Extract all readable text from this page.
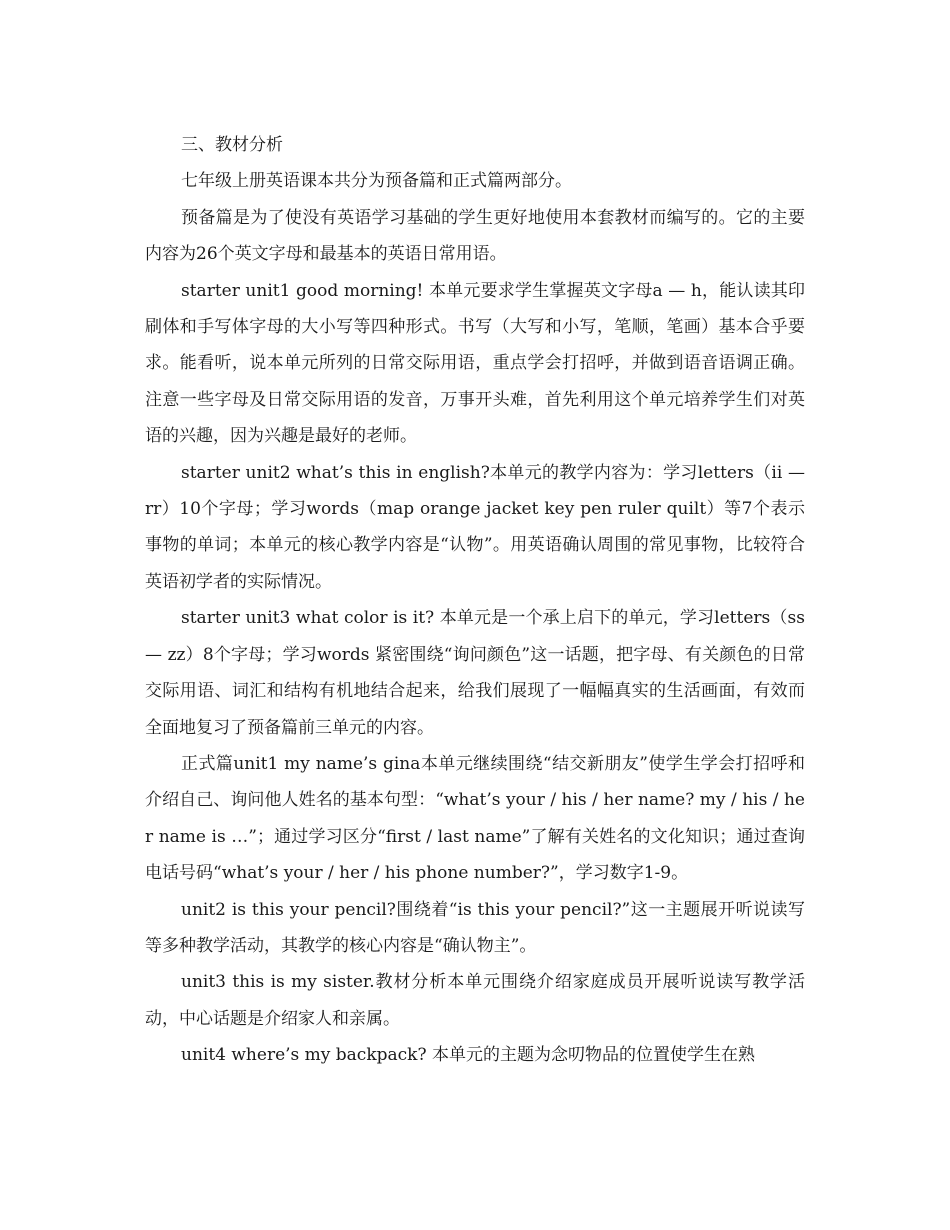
三、教材分析

七年级上册英语课本共分为预备篇和正式篇两部分。

预备篇是为了使没有英语学习基础的学生更好地使用本套教材而编写的。它的主要内容为26个英文字母和最基本的英语日常用语。

starter unit1 good morning! 本单元要求学生掌握英文字母a — h，能认读其印刷体和手写体字母的大小写等四种形式。书写（大写和小写，笔顺，笔画）基本合乎要求。能看听，说本单元所列的日常交际用语，重点学会打招呼，并做到语音语调正确。注意一些字母及日常交际用语的发音，万事开头难，首先利用这个单元培养学生们对英语的兴趣，因为兴趣是最好的老师。

starter unit2 what’s this in english?本单元的教学内容为：学习letters（ii — rr）10个字母；学习words（map orange jacket key pen ruler quilt）等7个表示事物的单词；本单元的核心教学内容是“认物”。用英语确认周围的常见事物，比较符合英语初学者的实际情况。

starter unit3 what color is it? 本单元是一个承上启下的单元，学习letters（ss — zz）8个字母；学习words 紧密围绕“询问颜色”这一话题，把字母、有关颜色的日常交际用语、词汇和结构有机地结合起来，给我们展现了一幅幅真实的生活画面，有效而全面地复习了预备篇前三单元的内容。

正式篇unit1 my name’s gina本单元继续围绕“结交新朋友”使学生学会打招呼和介绍自己、询问他人姓名的基本句型：“what’s your / his / her name? my / his / her name is …”；通过学习区分“first / last name”了解有关姓名的文化知识；通过查询电话号码“what’s your / her / his phone number?”，学习数字1-9。

unit2 is this your pencil?围绕着“is this your pencil?”这一主题展开听说读写等多种教学活动，其教学的核心内容是“确认物主”。

unit3 this is my sister.教材分析本单元围绕介绍家庭成员开展听说读写教学活动，中心话题是介绍家人和亲属。

unit4 where’s my backpack? 本单元的主题为念叨物品的位置使学生在熟
